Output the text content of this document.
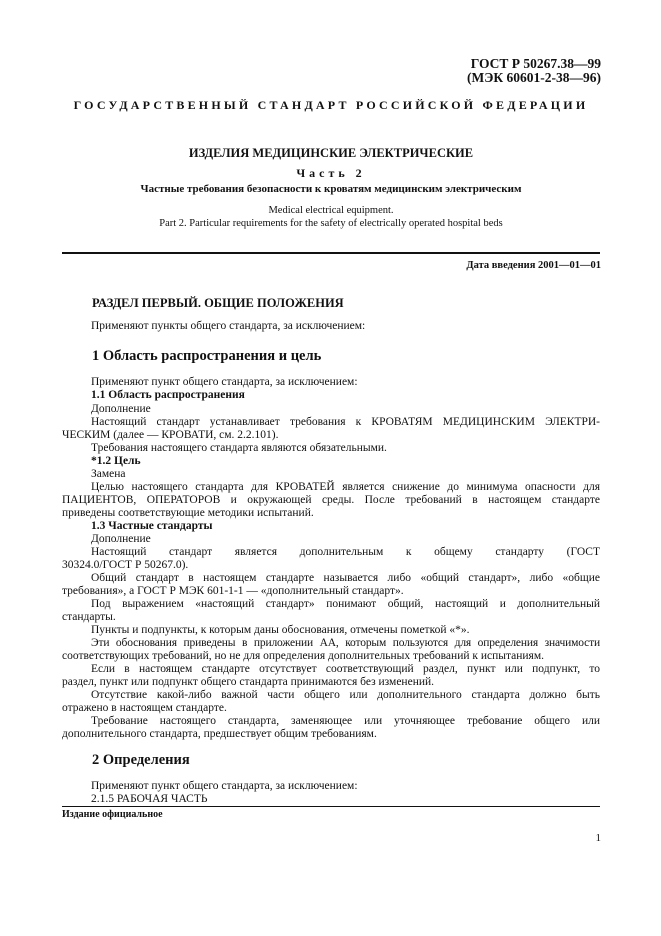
ГОСТ Р 50267.38—99
(МЭК 60601-2-38—96)
ГОСУДАРСТВЕННЫЙ СТАНДАРТ РОССИЙСКОЙ ФЕДЕРАЦИИ
ИЗДЕЛИЯ МЕДИЦИНСКИЕ ЭЛЕКТРИЧЕСКИЕ
Часть 2
Частные требования безопасности к кроватям медицинским электрическим
Medical electrical equipment.
Part 2. Particular requirements for the safety of electrically operated hospital beds
Дата введения 2001—01—01
РАЗДЕЛ ПЕРВЫЙ. ОБЩИЕ ПОЛОЖЕНИЯ
Применяют пункты общего стандарта, за исключением:
1 Область распространения и цель
Применяют пункт общего стандарта, за исключением:
1.1 Область распространения
Дополнение
Настоящий стандарт устанавливает требования к КРОВАТЯМ МЕДИЦИНСКИМ ЭЛЕКТРИ-
ЧЕСКИМ (далее — КРОВАТИ, см. 2.2.101).
Требования настоящего стандарта являются обязательными.
*1.2 Цель
Замена
Целью настоящего стандарта для КРОВАТЕЙ является снижение до минимума опасности для
ПАЦИЕНТОВ, ОПЕРАТОРОВ и окружающей среды. После требований в настоящем стандарте
приведены соответствующие методики испытаний.
1.3 Частные стандарты
Дополнение
Настоящий стандарт является дополнительным к общему стандарту (ГОСТ
30324.0/ГОСТ Р 50267.0).
Общий стандарт в настоящем стандарте называется либо «общий стандарт», либо «общие
требования», а ГОСТ Р МЭК 601-1-1 — «дополнительный стандарт».
Под выражением «настоящий стандарт» понимают общий, настоящий и дополнительный
стандарты.
Пункты и подпункты, к которым даны обоснования, отмечены пометкой «*».
Эти обоснования приведены в приложении АА, которым пользуются для определения значимости
соответствующих требований, но не для определения дополнительных требований к испытаниям.
Если в настоящем стандарте отсутствует соответствующий раздел, пункт или подпункт, то
раздел, пункт или подпункт общего стандарта принимаются без изменений.
Отсутствие какой-либо важной части общего или дополнительного стандарта должно быть
отражено в настоящем стандарте.
Требование настоящего стандарта, заменяющее или уточняющее требование общего или
дополнительного стандарта, предшествует общим требованиям.
2 Определения
Применяют пункт общего стандарта, за исключением:
2.1.5 РАБОЧАЯ ЧАСТЬ
Издание официальное
1
